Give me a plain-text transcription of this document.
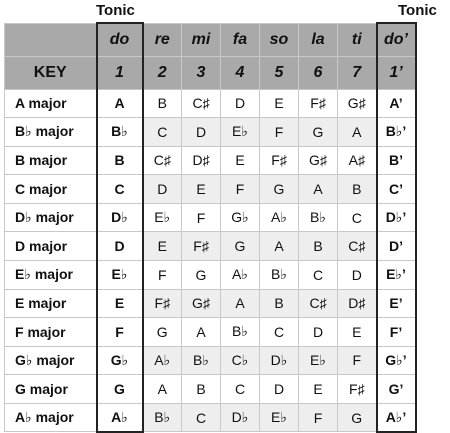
Tonic	Tonic
	do	re	mi	fa	so	la	ti	do’
KEY	1	2	3	4	5	6	7	1’
A major	A	B	C♯	D	E	F♯	G♯	A’
B♭ major	B♭	C	D	E♭	F	G	A	B♭’
B major	B	C♯	D♯	E	F♯	G♯	A♯	B’
C major	C	D	E	F	G	A	B	C’
D♭ major	D♭	E♭	F	G♭	A♭	B♭	C	D♭’
D major	D	E	F♯	G	A	B	C♯	D’
E♭ major	E♭	F	G	A♭	B♭	C	D	E♭’
E major	E	F♯	G♯	A	B	C♯	D♯	E’
F major	F	G	A	B♭	C	D	E	F’
G♭ major	G♭	A♭	B♭	C♭	D♭	E♭	F	G♭’
G major	G	A	B	C	D	E	F♯	G’
A♭ major	A♭	B♭	C	D♭	E♭	F	G	A♭’
